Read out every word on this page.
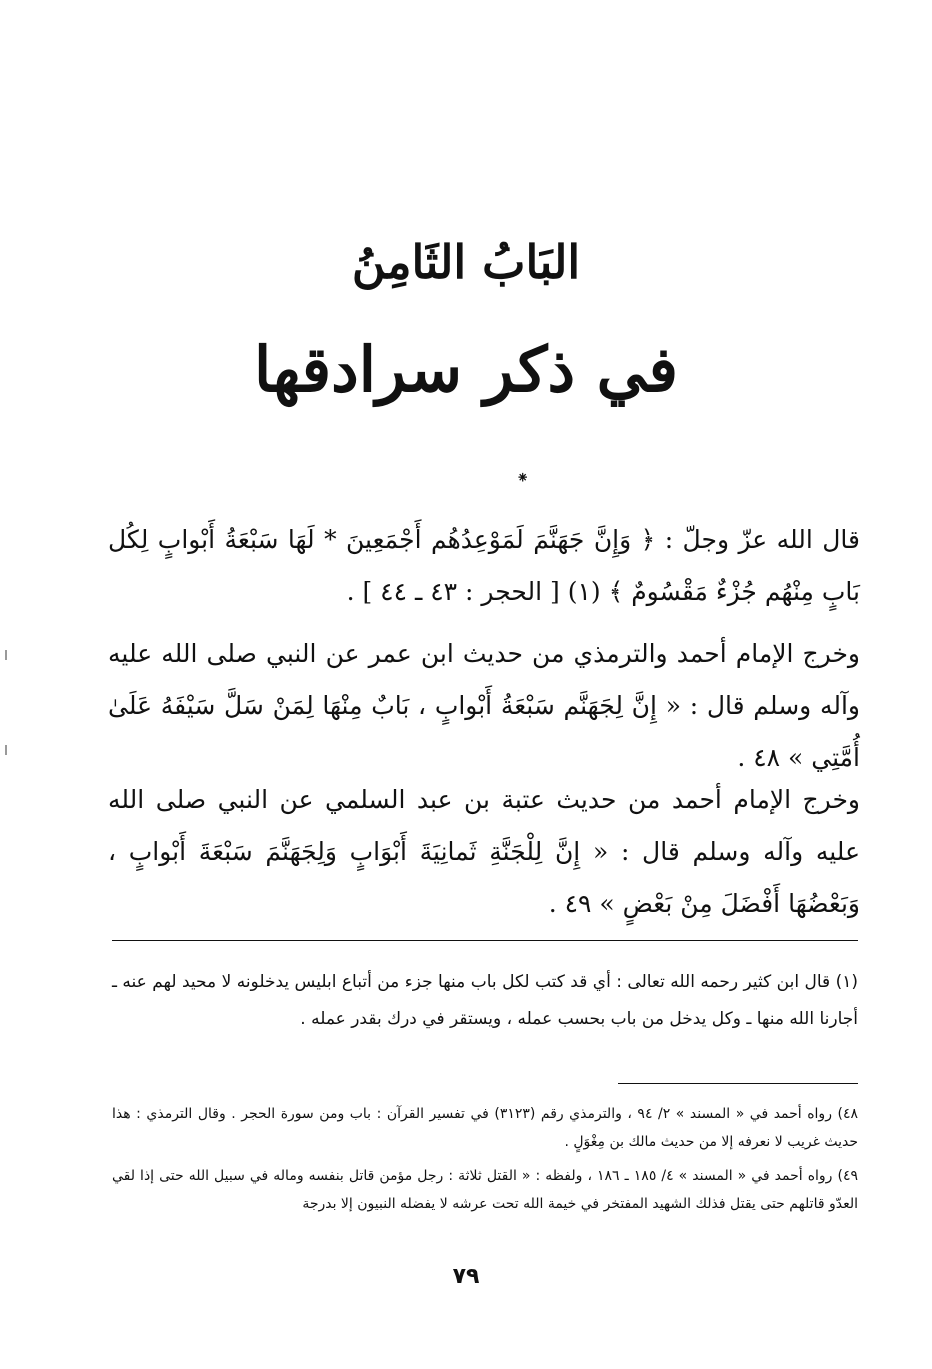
البَابُ الثَامِنُ
في ذكر سرادقها
⁕
قال الله عزّ وجلّ : ﴿ وَإِنَّ جَهَنَّمَ لَمَوْعِدُهُم أَجْمَعِينَ * لَهَا سَبْعَةُ أَبْوابٍ لِكُل بَابٍ مِنْهُم جُزْءٌ مَقْسُومٌ ﴾ (١) [ الحجر : ٤٣ ـ ٤٤ ] .
وخرج الإمام أحمد والترمذي من حديث ابن عمر عن النبي صلى الله عليه وآله وسلم قال : « إِنَّ لِجَهَنَّم سَبْعَةُ أَبْوابٍ ، بَابٌ مِنْهَا لِمَنْ سَلَّ سَيْفَهُ عَلَىٰ أُمَّتِي » ٤٨ .
وخرج الإمام أحمد من حديث عتبة بن عبد السلمي عن النبي صلى الله عليه وآله وسلم قال : « إِنَّ لِلْجَنَّةِ ثَمانِيَةَ أَبْوَابٍ وَلِجَهَنَّمَ سَبْعَةَ أَبْوابٍ ، وَبَعْضُهَا أَفْضَلَ مِنْ بَعْضٍ » ٤٩ .
(١) قال ابن كثير رحمه الله تعالى : أي قد كتب لكل باب منها جزء من أتباع ابليس يدخلونه لا محيد لهم عنه ـ أجارنا الله منها ـ وكل يدخل من باب بحسب عمله ، ويستقر في درك بقدر عمله .
٤٨) رواه أحمد في « المسند » ٢/ ٩٤ ، والترمذي رقم (٣١٢٣) في تفسير القرآن : باب ومن سورة الحجر . وقال الترمذي : هذا حديث غريب لا نعرفه إلا من حديث مالك بن مِغْوَلٍ .
٤٩) رواه أحمد في « المسند » ٤/ ١٨٥ ـ ١٨٦ ، ولفظه : « القتل ثلاثة : رجل مؤمن قاتل بنفسه وماله في سبيل الله حتى إذا لقي العدّو قاتلهم حتى يقتل فذلك الشهيد المفتخر في خيمة الله تحت عرشه لا يفضله النبيون إلا بدرجة
٧٩
